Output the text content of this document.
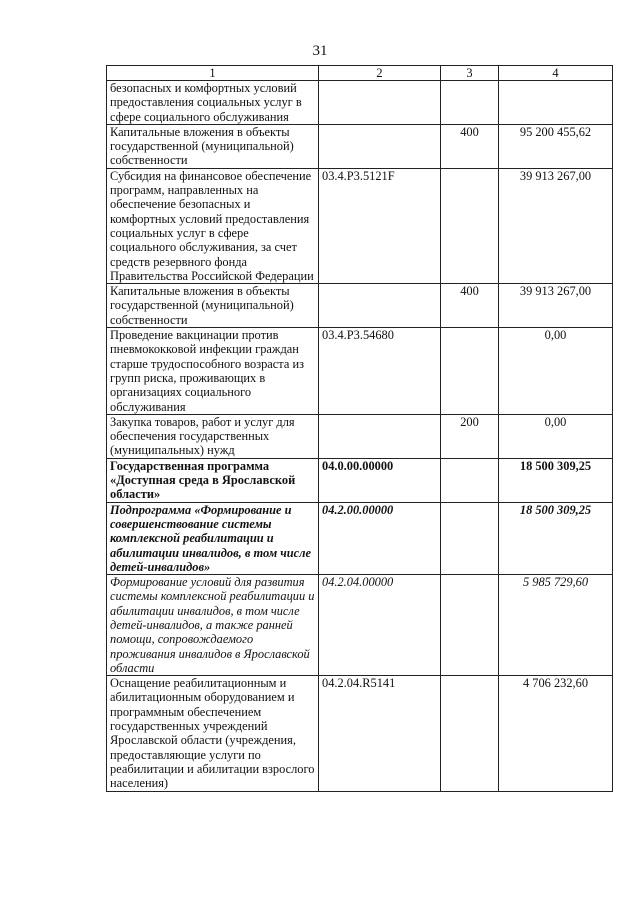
31
1	2	3	4
безопасных и комфортных условий предоставления социальных услуг в сфере социального обслуживания			
Капитальные вложения в объекты государственной (муниципальной) собственности		400	95 200 455,62
Субсидия на финансовое обеспечение программ, направленных на обеспечение безопасных и комфортных условий предоставления социальных услуг в сфере социального обслуживания, за счет средств резервного фонда Правительства Российской Федерации	03.4.P3.5121F		39 913 267,00
Капитальные вложения в объекты государственной (муниципальной) собственности		400	39 913 267,00
Проведение вакцинации против пневмококковой инфекции граждан старше трудоспособного возраста из групп риска, проживающих в организациях социального обслуживания	03.4.P3.54680		0,00
Закупка товаров, работ и услуг для обеспечения государственных (муниципальных) нужд		200	0,00
Государственная программа «Доступная среда в Ярославской области»	04.0.00.00000		18 500 309,25
Подпрограмма «Формирование и совершенствование системы комплексной реабилитации и абилитации инвалидов, в том числе детей-инвалидов»	04.2.00.00000		18 500 309,25
Формирование условий для развития системы комплексной реабилитации и абилитации инвалидов, в том числе детей-инвалидов, а также ранней помощи, сопровождаемого проживания инвалидов в Ярославской области	04.2.04.00000		5 985 729,60
Оснащение реабилитационным и абилитационным оборудованием и программным обеспечением государственных учреждений Ярославской области (учреждения, предоставляющие услуги по реабилитации и абилитации взрослого населения)	04.2.04.R5141		4 706 232,60
